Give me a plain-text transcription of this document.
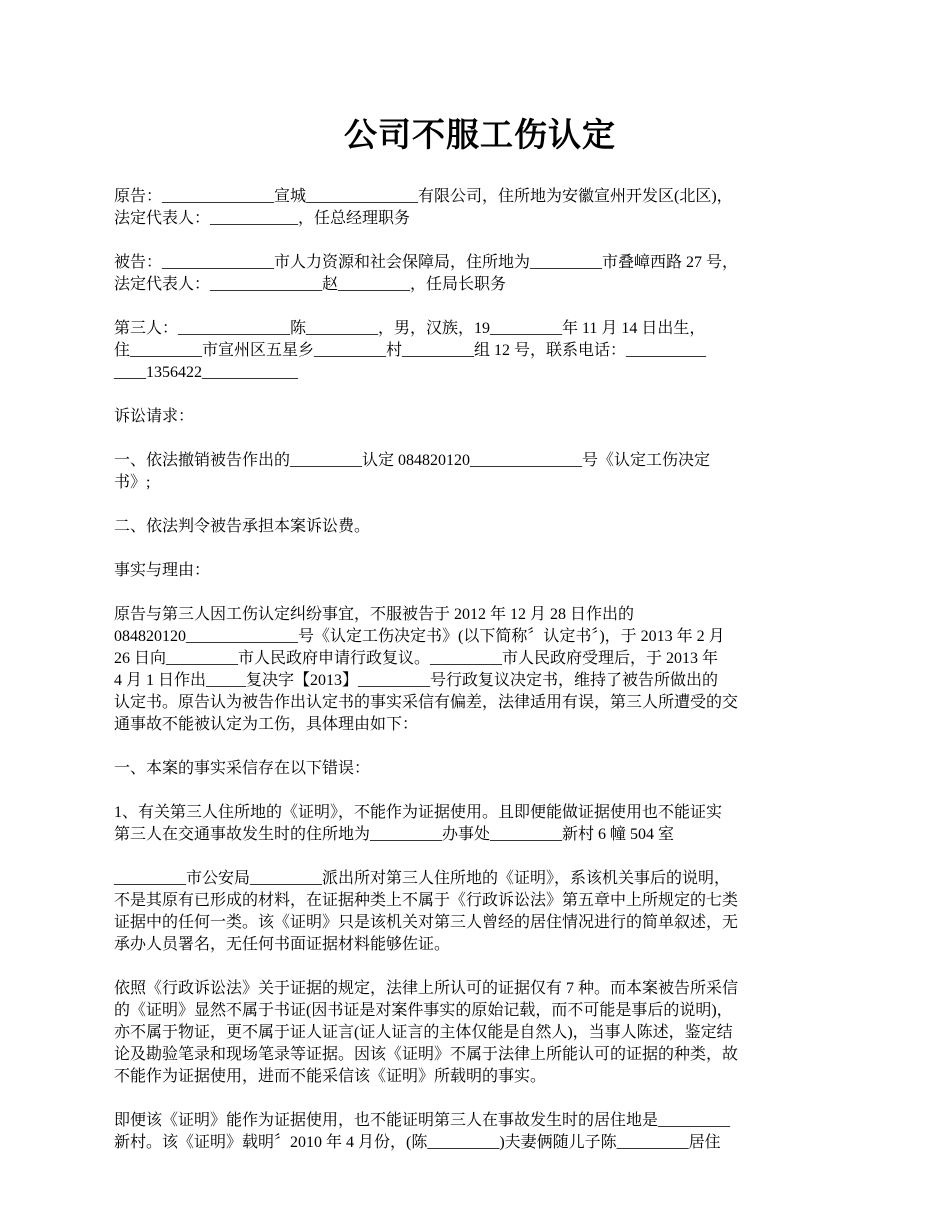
公司不服工伤认定

原告：______________宣城______________有限公司，住所地为安徽宣州开发区(北区)，
法定代表人：___________，任总经理职务

被告：______________市人力资源和社会保障局，住所地为_________市叠嶂西路 27 号，
法定代表人：______________赵_________，任局长职务

第三人：______________陈_________，男，汉族，19_________年 11 月 14 日出生，
住_________市宣州区五星乡_________村_________组 12 号，联系电话：__________
____1356422____________

诉讼请求：

一、依法撤销被告作出的_________认定 084820120______________号《认定工伤决定
书》;

二、依法判令被告承担本案诉讼费。

事实与理由：

原告与第三人因工伤认定纠纷事宜，不服被告于 2012 年 12 月 28 日作出的
084820120______________号《认定工伤决定书》(以下简称〞认定书〞)，于 2013 年 2 月
26 日向_________市人民政府申请行政复议。_________市人民政府受理后，于 2013 年
4 月 1 日作出_____复决字【2013】_________号行政复议决定书，维持了被告所做出的
认定书。原告认为被告作出认定书的事实采信有偏差，法律适用有误，第三人所遭受的交
通事故不能被认定为工伤，具体理由如下：

一、本案的事实采信存在以下错误：

1、有关第三人住所地的《证明》，不能作为证据使用。且即便能做证据使用也不能证实
第三人在交通事故发生时的住所地为_________办事处_________新村 6 幢 504 室

_________市公安局_________派出所对第三人住所地的《证明》，系该机关事后的说明，
不是其原有已形成的材料，在证据种类上不属于《行政诉讼法》第五章中上所规定的七类
证据中的任何一类。该《证明》只是该机关对第三人曾经的居住情况进行的简单叙述，无
承办人员署名，无任何书面证据材料能够佐证。

依照《行政诉讼法》关于证据的规定，法律上所认可的证据仅有 7 种。而本案被告所采信
的《证明》显然不属于书证(因书证是对案件事实的原始记载，而不可能是事后的说明)，
亦不属于物证，更不属于证人证言(证人证言的主体仅能是自然人)，当事人陈述，鉴定结
论及勘验笔录和现场笔录等证据。因该《证明》不属于法律上所能认可的证据的种类，故
不能作为证据使用，进而不能采信该《证明》所载明的事实。

即便该《证明》能作为证据使用，也不能证明第三人在事故发生时的居住地是_________
新村。该《证明》载明〞2010 年 4 月份，(陈_________)夫妻俩随儿子陈_________居住
